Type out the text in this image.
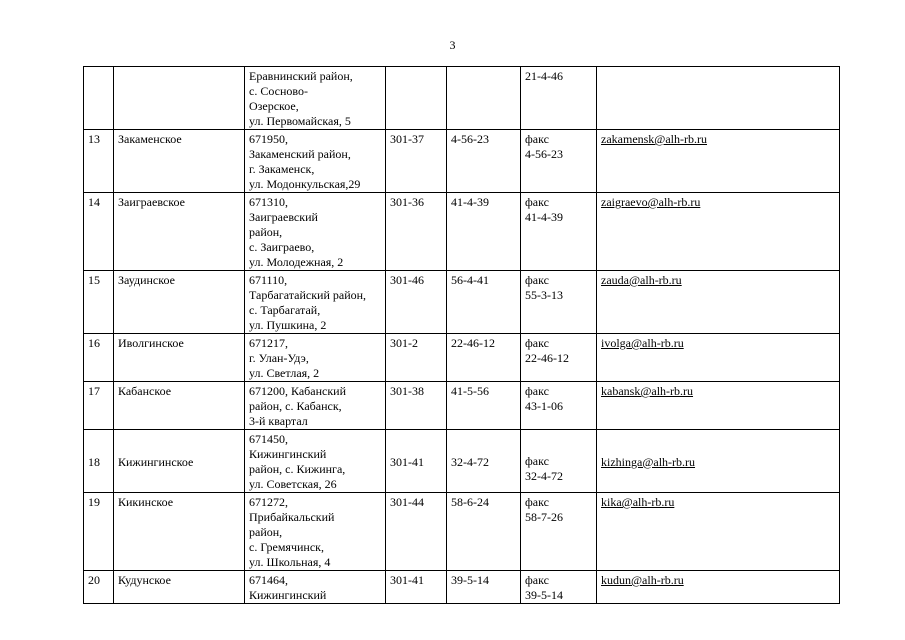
3

		Еравнинский район,
с. Сосново-
Озерское,
ул. Первомайская, 5			21-4-46	

13	Закаменское	671950,
Закаменский район,
г. Закаменск,
ул. Модонкульская,29	301-37	4-56-23	факс
4-56-23	zakamensk@alh-rb.ru
14	Заиграевское	671310,
Заиграевский
район,
с. Заиграево,
ул. Молодежная, 2	301-36	41-4-39	факс
41-4-39	zaigraevo@alh-rb.ru
15	Заудинское	671110,
Тарбагатайский район,
с. Тарбагатай,
ул. Пушкина, 2	301-46	56-4-41	факс
55-3-13	zauda@alh-rb.ru
16	Иволгинское	671217,
г. Улан-Удэ,
ул. Светлая, 2	301-2	22-46-12	факс
22-46-12	ivolga@alh-rb.ru
17	Кабанское	671200, Кабанский
район, с. Кабанск,
3-й квартал	301-38	41-5-56	факс
43-1-06	kabansk@alh-rb.ru
18	Кижингинское	671450,
Кижингинский
район, с. Кижинга,
ул. Советская, 26	301-41	32-4-72	факс
32-4-72	kizhinga@alh-rb.ru
19	Кикинское	671272,
Прибайкальский
район,
с. Гремячинск,
ул. Школьная, 4	301-44	58-6-24	факс
58-7-26	kika@alh-rb.ru
20	Кудунское	671464,
Кижингинский	301-41	39-5-14	факс
39-5-14	kudun@alh-rb.ru
